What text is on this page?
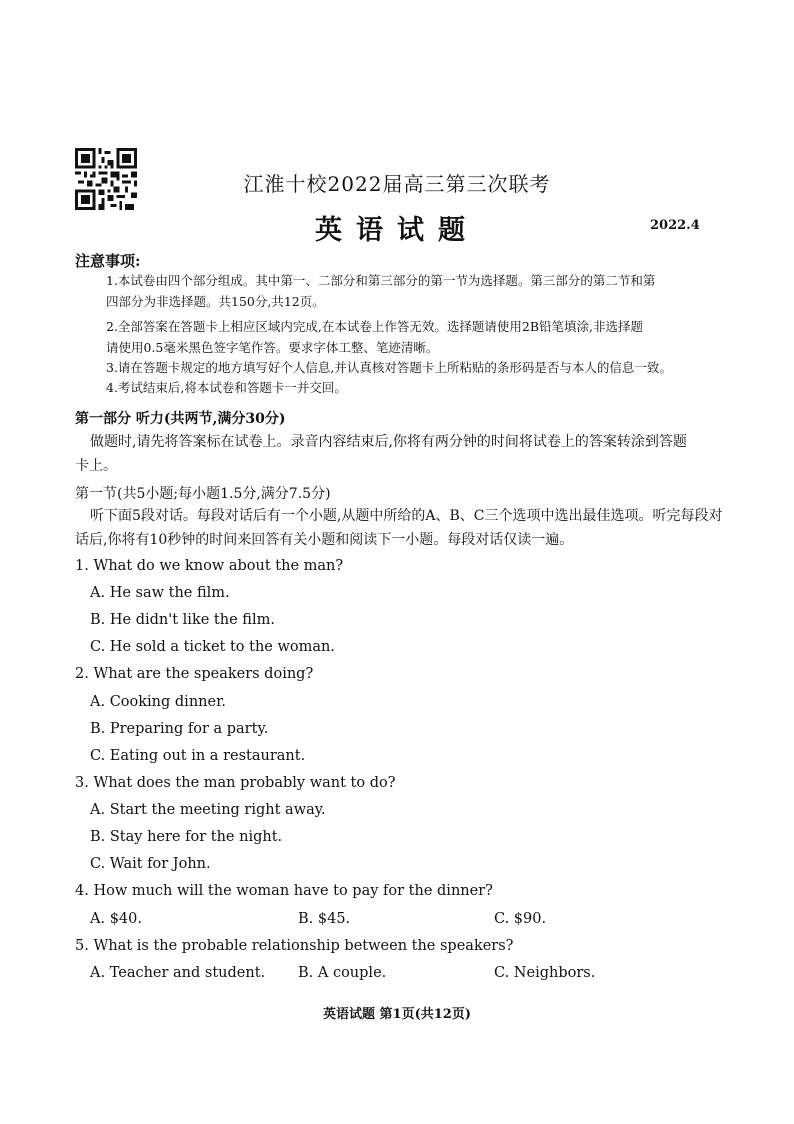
江淮十校2022届高三第三次联考
英语试题	2022.4
注意事项:
1.本试卷由四个部分组成。其中第一、二部分和第三部分的第一节为选择题。第三部分的第二节和第
四部分为非选择题。共150分,共12页。
2.全部答案在答题卡上相应区域内完成,在本试卷上作答无效。选择题请使用2B铅笔填涂,非选择题
请使用0.5毫米黑色签字笔作答。要求字体工整、笔迹清晰。
3.请在答题卡规定的地方填写好个人信息,并认真核对答题卡上所粘贴的条形码是否与本人的信息一致。
4.考试结束后,将本试卷和答题卡一并交回。
第一部分 听力(共两节,满分30分)
做题时,请先将答案标在试卷上。录音内容结束后,你将有两分钟的时间将试卷上的答案转涂到答题
卡上。
第一节(共5小题;每小题1.5分,满分7.5分)
听下面5段对话。每段对话后有一个小题,从题中所给的A、B、C三个选项中选出最佳选项。听完每段对
话后,你将有10秒钟的时间来回答有关小题和阅读下一小题。每段对话仅读一遍。
1. What do we know about the man?
A. He saw the film.
B. He didn't like the film.
C. He sold a ticket to the woman.
2. What are the speakers doing?
A. Cooking dinner.
B. Preparing for a party.
C. Eating out in a restaurant.
3. What does the man probably want to do?
A. Start the meeting right away.
B. Stay here for the night.
C. Wait for John.
4. How much will the woman have to pay for the dinner?
A. $40.	B. $45.	C. $90.
5. What is the probable relationship between the speakers?
A. Teacher and student. B. A couple.	C. Neighbors.
英语试题 第1页(共12页)
